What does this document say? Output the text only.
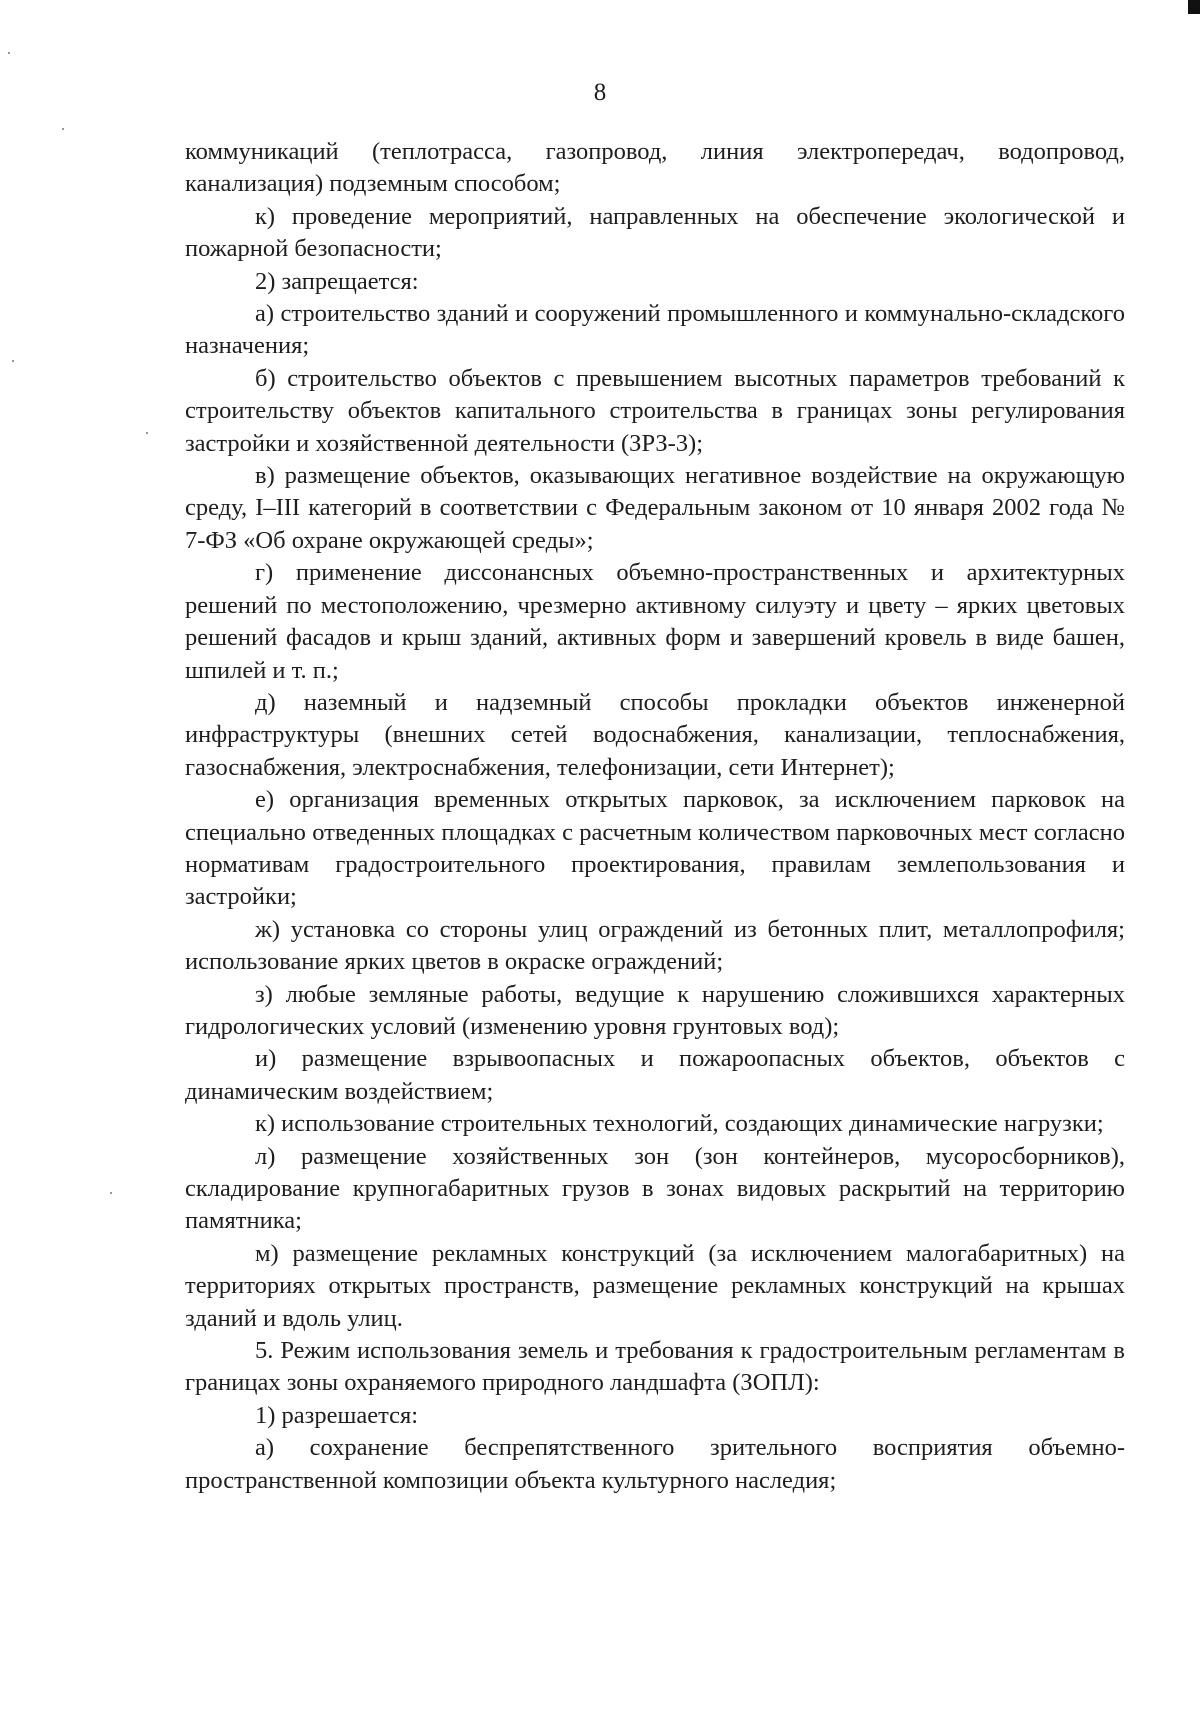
8

коммуникаций (теплотрасса, газопровод, линия электропередач, водопровод, канализация) подземным способом;

к) проведение мероприятий, направленных на обеспечение экологической и пожарной безопасности;

2) запрещается:

а) строительство зданий и сооружений промышленного и коммунально-складского назначения;

б) строительство объектов с превышением высотных параметров требований к строительству объектов капитального строительства в границах зоны регулирования застройки и хозяйственной деятельности (ЗРЗ-3);

в) размещение объектов, оказывающих негативное воздействие на окружающую среду, I–III категорий в соответствии с Федеральным законом от 10 января 2002 года № 7-ФЗ «Об охране окружающей среды»;

г) применение диссонансных объемно-пространственных и архитектурных решений по местоположению, чрезмерно активному силуэту и цвету – ярких цветовых решений фасадов и крыш зданий, активных форм и завершений кровель в виде башен, шпилей и т. п.;

д) наземный и надземный способы прокладки объектов инженерной инфраструктуры (внешних сетей водоснабжения, канализации, теплоснабжения, газоснабжения, электроснабжения, телефонизации, сети Интернет);

е) организация временных открытых парковок, за исключением парковок на специально отведенных площадках с расчетным количеством парковочных мест согласно нормативам градостроительного проектирования, правилам землепользования и застройки;

ж) установка со стороны улиц ограждений из бетонных плит, металлопрофиля; использование ярких цветов в окраске ограждений;

з) любые земляные работы, ведущие к нарушению сложившихся характерных гидрологических условий (изменению уровня грунтовых вод);

и) размещение взрывоопасных и пожароопасных объектов, объектов с динамическим воздействием;

к) использование строительных технологий, создающих динамические нагрузки;

л) размещение хозяйственных зон (зон контейнеров, мусоросборников), складирование крупногабаритных грузов в зонах видовых раскрытий на территорию памятника;

м) размещение рекламных конструкций (за исключением малогабаритных) на территориях открытых пространств, размещение рекламных конструкций на крышах зданий и вдоль улиц.

5. Режим использования земель и требования к градостроительным регламентам в границах зоны охраняемого природного ландшафта (ЗОПЛ):

1) разрешается:

а) сохранение беспрепятственного зрительного восприятия объемно-пространственной композиции объекта культурного наследия;
